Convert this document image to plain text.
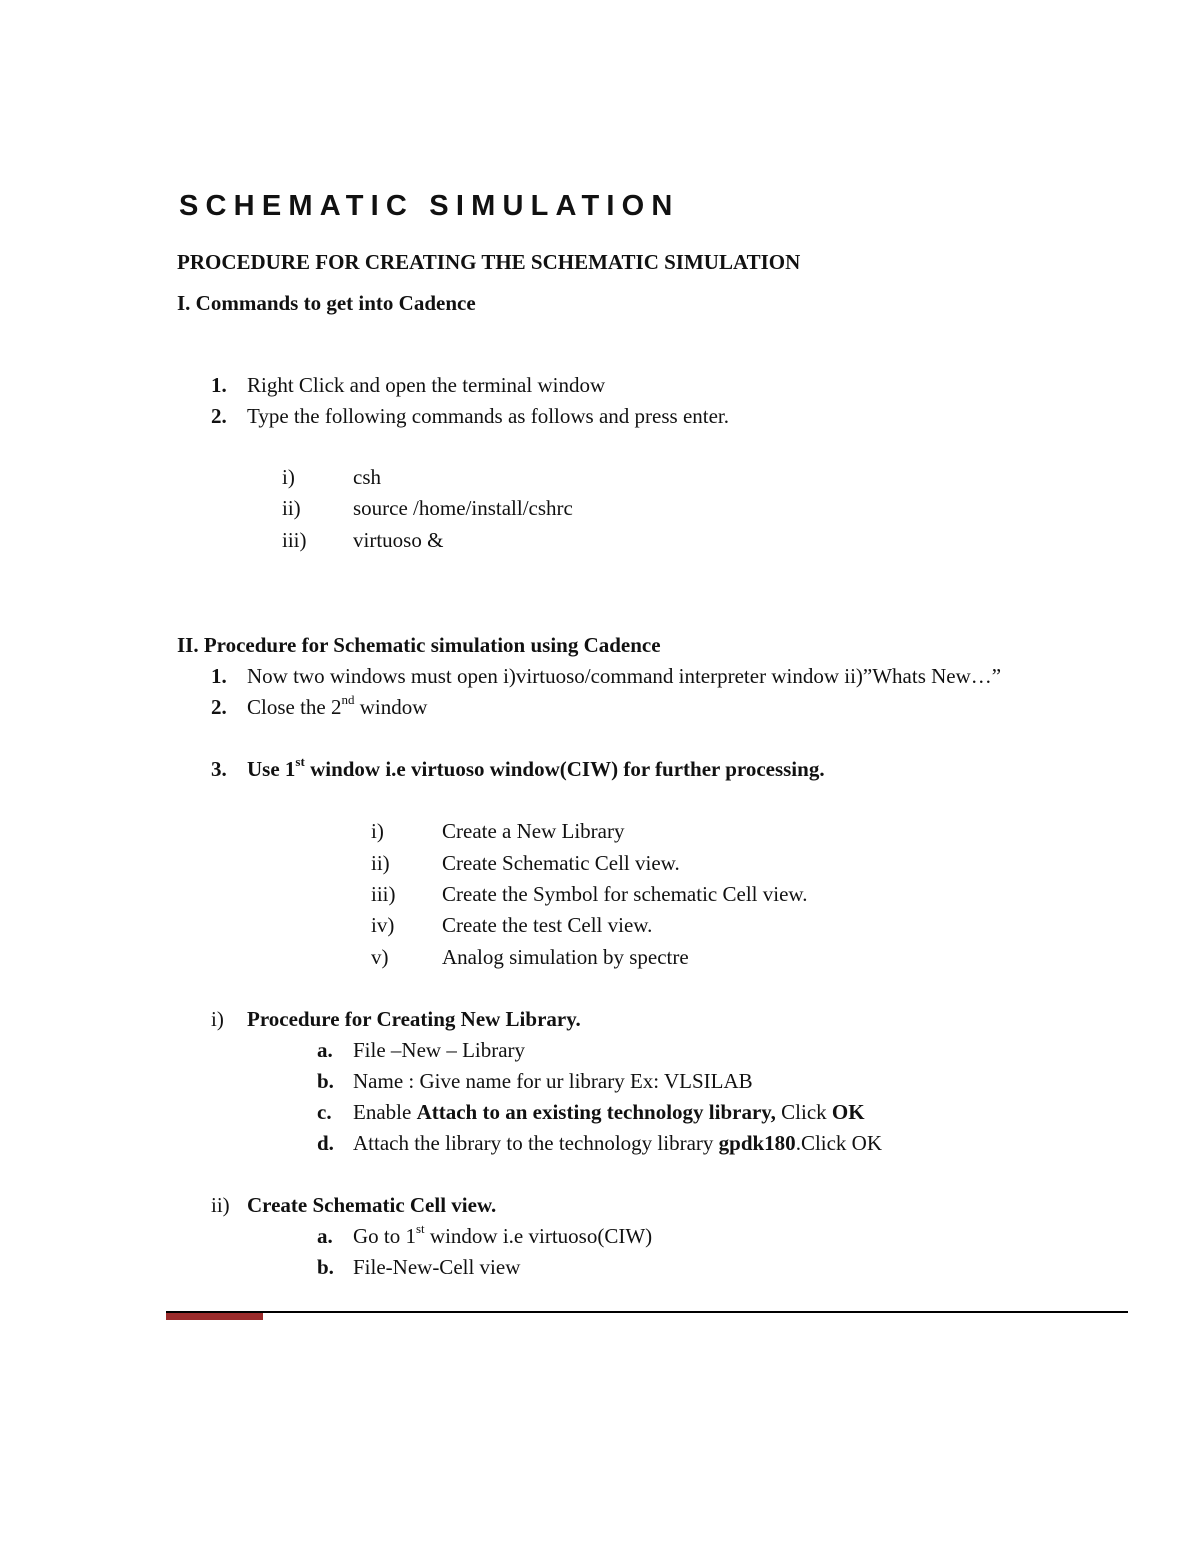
SCHEMATIC SIMULATION
PROCEDURE FOR CREATING THE SCHEMATIC SIMULATION
I. Commands to get into Cadence
1. Right Click and open the terminal window
2. Type the following commands as follows and press enter.
i)	csh
ii) source /home/install/cshrc
iii) virtuoso &
II. Procedure for Schematic simulation using Cadence
1. Now two windows must open i)virtuoso/command interpreter window ii)”Whats New…”
2. Close the 2nd window
3. Use 1st window i.e virtuoso window(CIW) for further processing.
i)	Create a New Library
ii) Create Schematic Cell view.
iii) Create the Symbol for schematic Cell view.
iv) Create the test Cell view.
v)	Analog simulation by spectre
i) Procedure for Creating New Library.
a. File –New – Library
b. Name : Give name for ur library Ex: VLSILAB
c. Enable Attach to an existing technology library, Click OK
d. Attach the library to the technology library gpdk180.Click OK
ii) Create Schematic Cell view.
a. Go to 1st window i.e virtuoso(CIW)
b. File-New-Cell view
